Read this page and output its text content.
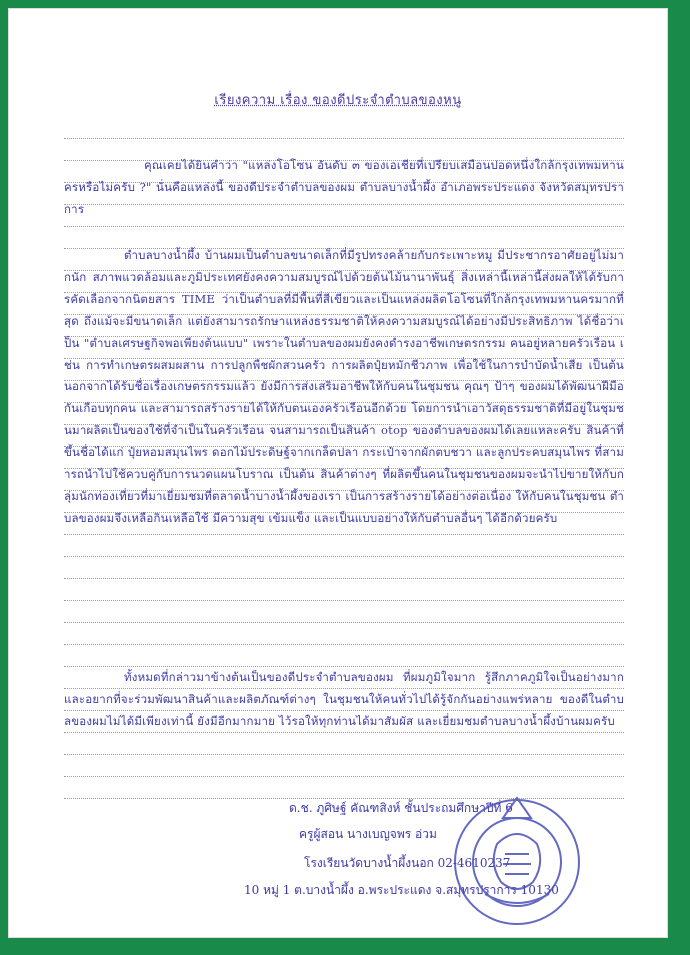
เรียงความ เรื่อง ของดีประจำตำบลของหนู
คุณเคยได้ยินคำว่า "แหล่งโอโซน อันดับ ๓ ของเอเชียที่เปรียบเสมือนปอดหนึ่งใกล้กรุงเทพมหานครหรือไม่ครับ ?" นั่นคือแหล่งนี้ ของดีประจำตำบลของผม ตำบลบางน้ำผึ้ง อำเภอพระประแดง จังหวัดสมุทรปราการ
ตำบลบางน้ำผึ้ง บ้านผมเป็นตำบลขนาดเล็กที่มีรูปทรงคล้ายกับกระเพาะหมู มีประชากรอาศัยอยู่ไม่มากนัก สภาพแวดล้อมและภูมิประเทศยังคงความสมบูรณ์ไปด้วยต้นไม้นานาพันธุ์ สิ่งเหล่านี้เหล่านี้ส่งผลให้ได้รับการคัดเลือกจากนิตยสาร TIME ว่าเป็นตำบลที่มีพื้นที่สีเขียวและเป็นแหล่งผลิตโอโซนที่ใกล้กรุงเทพมหานครมากที่สุด ถึงแม้จะมีขนาดเล็ก แต่ยังสามารถรักษาแหล่งธรรมชาติให้คงความสมบูรณ์ได้อย่างมีประสิทธิภาพ ได้ชื่อว่าเป็น "ตำบลเศรษฐกิจพอเพียงต้นแบบ" เพราะในตำบลของผมยังคงดำรงอาชีพเกษตรกรรม คนอยู่หลายครัวเรือน เช่น การทำเกษตรผสมผสาน การปลูกพืชผักสวนครัว การผลิตปุ๋ยหมักชีวภาพ เพื่อใช้ในการบำบัดน้ำเสีย เป็นต้น นอกจากได้รับชื่อเรื่องเกษตรกรรมแล้ว ยังมีการส่งเสริมอาชีพให้กับคนในชุมชน คุณๆ ป้าๆ ของผมได้พัฒนาฝีมือกันเกือบทุกคน และสามารถสร้างรายได้ให้กับตนเองครัวเรือนอีกด้วย โดยการนำเอาวัสดุธรรมชาติที่มีอยู่ในชุมชนมาผลิตเป็นของใช้ที่จำเป็นในครัวเรือน จนสามารถเป็นสินค้า otop ของตำบลของผมได้เลยแหละครับ สินค้าที่ขึ้นชื่อได้แก่ ปุ๋ยหอมสมุนไพร ดอกไม้ประดิษฐ์จากเกล็ดปลา กระเป๋าจากผักตบชวา และลูกประคบสมุนไพร ที่สามารถนำไปใช้ควบคู่กับการนวดแผนโบราณ เป็นต้น สินค้าต่างๆ ที่ผลิตขึ้นคนในชุมชนของผมจะนำไปขายให้กับกลุ่มนักท่องเที่ยวที่มาเยี่ยมชมที่ตลาดน้ำบางน้ำผึ้งของเรา เป็นการสร้างรายได้อย่างต่อเนื่อง ให้กับคนในชุมชน ตำบลของผมจึงเหลือกินเหลือใช้ มีความสุข เข้มแข็ง และเป็นแบบอย่างให้กับตำบลอื่นๆ ได้อีกด้วยครับ
ทั้งหมดที่กล่าวมาข้างต้นเป็นของดีประจำตำบลของผม ที่ผมภูมิใจมาก รู้สึกภาคภูมิใจเป็นอย่างมาก และอยากที่จะร่วมพัฒนาสินค้าและผลิตภัณฑ์ต่างๆ ในชุมชนให้คนทั่วไปได้รู้จักกันอย่างแพร่หลาย ของดีในตำบลของผมไม่ได้มีเพียงเท่านี้ ยังมีอีกมากมาย ไว้รอให้ทุกท่านได้มาสัมผัส และเยี่ยมชมตำบลบางน้ำผึ้งบ้านผมครับ
ด.ช. ภูศิษฐ์ คัณฑสิงห์ ชั้นประถมศึกษาปีที่ 6
ครูผู้สอน นางเบญจพร อ่วม
โรงเรียนวัดบางน้ำผึ้งนอก 02-4610237
10 หมู่ 1 ต.บางน้ำผึ้ง อ.พระประแดง จ.สมุทรปราการ 10130
